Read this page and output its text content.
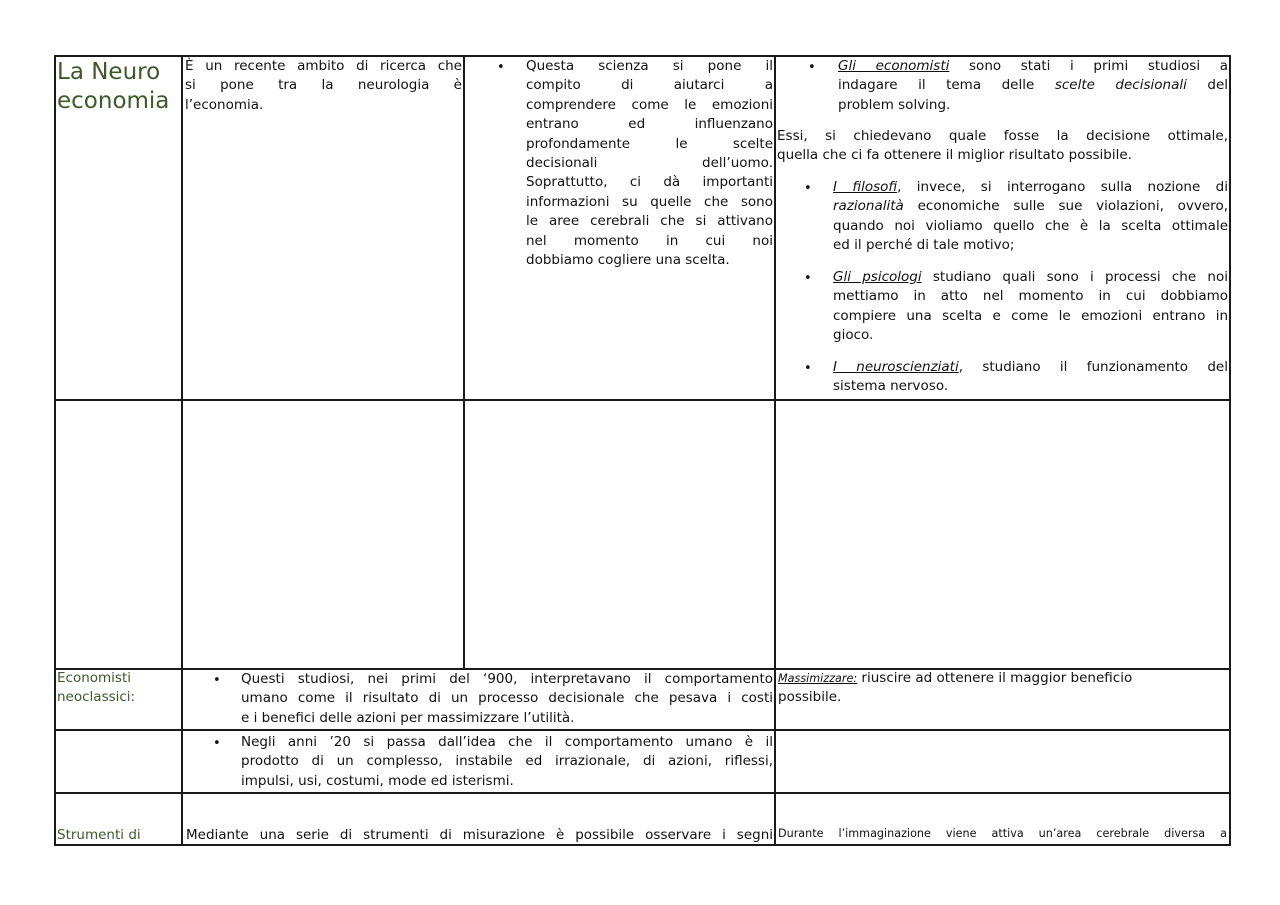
La Neuro
economia
È un recente ambito di ricerca che
si pone tra la neurologia è
l’economia.
• Questa scienza si pone il
compito di aiutarci a
comprendere come le emozioni
entrano ed influenzano
profondamente le scelte
decisionali dell’uomo.
Soprattutto, ci dà importanti
informazioni su quelle che sono
le aree cerebrali che si attivano
nel momento in cui noi
dobbiamo cogliere una scelta.
• Gli economisti sono stati i primi studiosi a
indagare il tema delle scelte decisionali del
problem solving.
Essi, si chiedevano quale fosse la decisione ottimale,
quella che ci fa ottenere il miglior risultato possibile.
• I filosofi, invece, si interrogano sulla nozione di
razionalità economiche sulle sue violazioni, ovvero,
quando noi violiamo quello che è la scelta ottimale
ed il perché di tale motivo;
• Gli psicologi studiano quali sono i processi che noi
mettiamo in atto nel momento in cui dobbiamo
compiere una scelta e come le emozioni entrano in
gioco.
• I neuroscienziati, studiano il funzionamento del
sistema nervoso.
Economisti
neoclassici:
• Questi studiosi, nei primi del ‘900, interpretavano il comportamento
umano come il risultato di un processo decisionale che pesava i costi
e i benefici delle azioni per massimizzare l’utilità.
Massimizzare: riuscire ad ottenere il maggior beneficio
possibile.
• Negli anni ’20 si passa dall’idea che il comportamento umano è il
prodotto di un complesso, instabile ed irrazionale, di azioni, riflessi,
impulsi, usi, costumi, mode ed isterismi.
Strumenti di	Mediante una serie di strumenti di misurazione è possibile osservare i segni Durante l’immaginazione viene attiva un’area cerebrale diversa a
